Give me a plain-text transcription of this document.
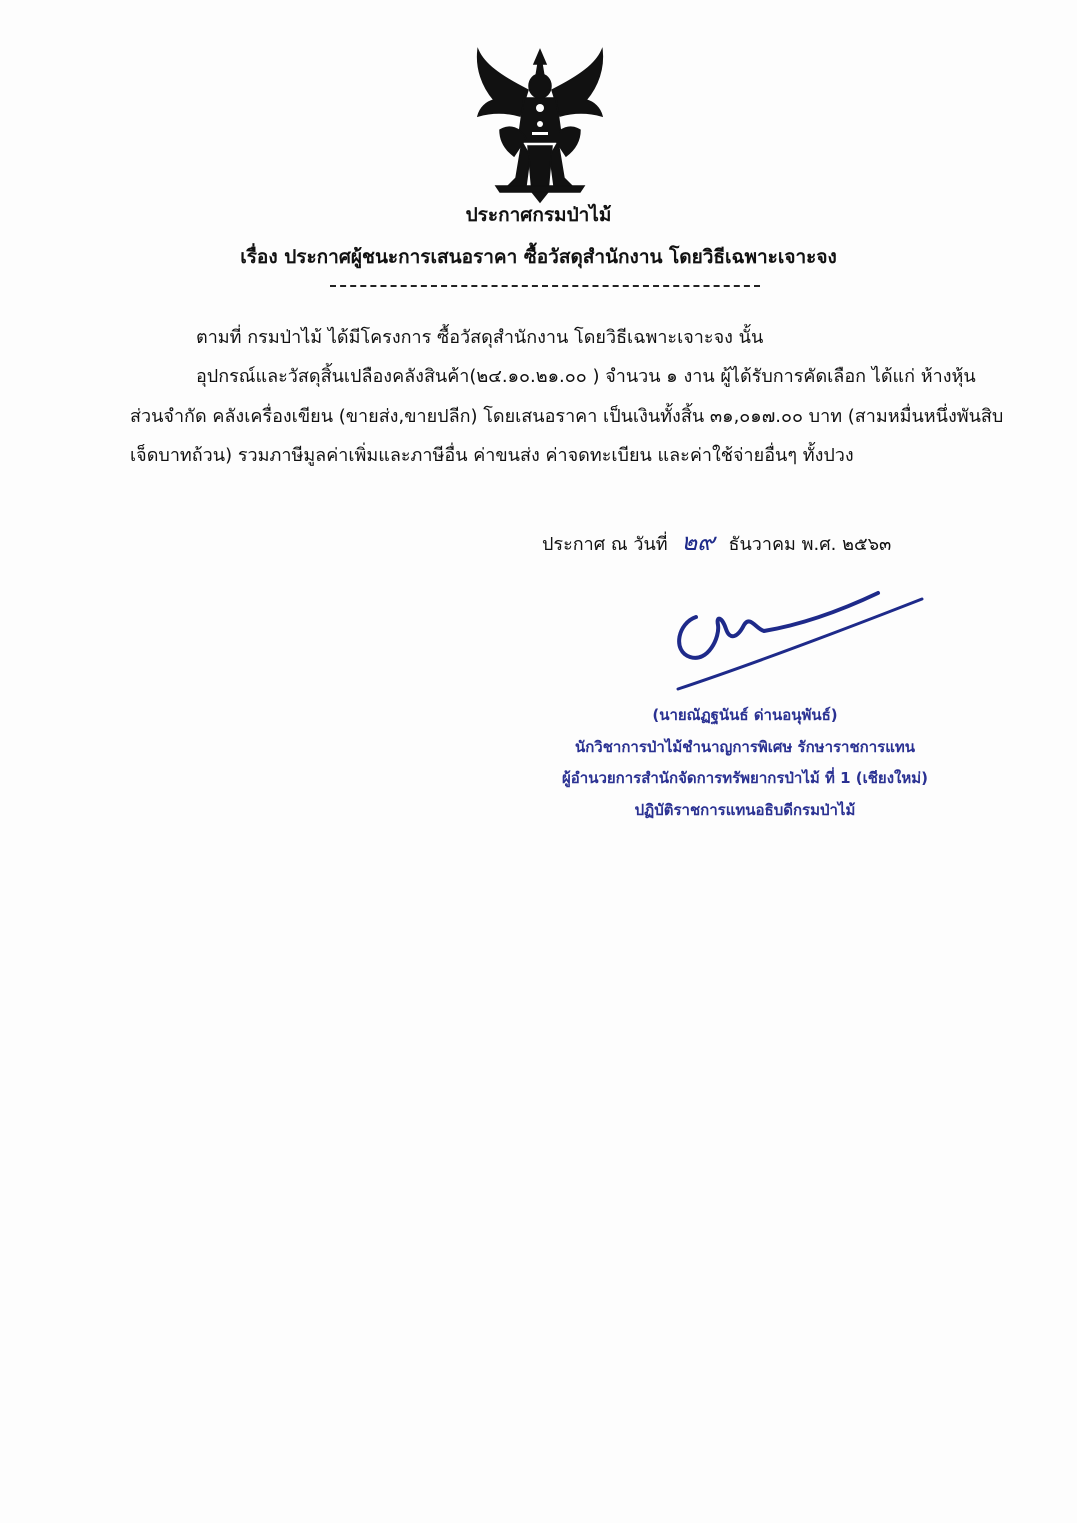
ประกาศกรมป่าไม้
เรื่อง ประกาศผู้ชนะการเสนอราคา ซื้อวัสดุสำนักงาน โดยวิธีเฉพาะเจาะจง
ตามที่ กรมป่าไม้ ได้มีโครงการ ซื้อวัสดุสำนักงาน โดยวิธีเฉพาะเจาะจง นั้น
อุปกรณ์และวัสดุสิ้นเปลืองคลังสินค้า(๒๔.๑๐.๒๑.๐๐ ) จำนวน ๑ งาน ผู้ได้รับการคัดเลือก ได้แก่ ห้างหุ้น
ส่วนจำกัด คลังเครื่องเขียน (ขายส่ง,ขายปลีก) โดยเสนอราคา เป็นเงินทั้งสิ้น ๓๑,๐๑๗.๐๐ บาท (สามหมื่นหนึ่งพันสิบ
เจ็ดบาทถ้วน) รวมภาษีมูลค่าเพิ่มและภาษีอื่น ค่าขนส่ง ค่าจดทะเบียน และค่าใช้จ่ายอื่นๆ ทั้งปวง
ประกาศ ณ วันที่ ๒๙ ธันวาคม พ.ศ. ๒๕๖๓
(นายณัฏฐนันธ์ ด่านอนุพันธ์)
นักวิชาการป่าไม้ชำนาญการพิเศษ รักษาราชการแทน
ผู้อำนวยการสำนักจัดการทรัพยากรป่าไม้ ที่ 1 (เชียงใหม่)
ปฏิบัติราชการแทนอธิบดีกรมป่าไม้
